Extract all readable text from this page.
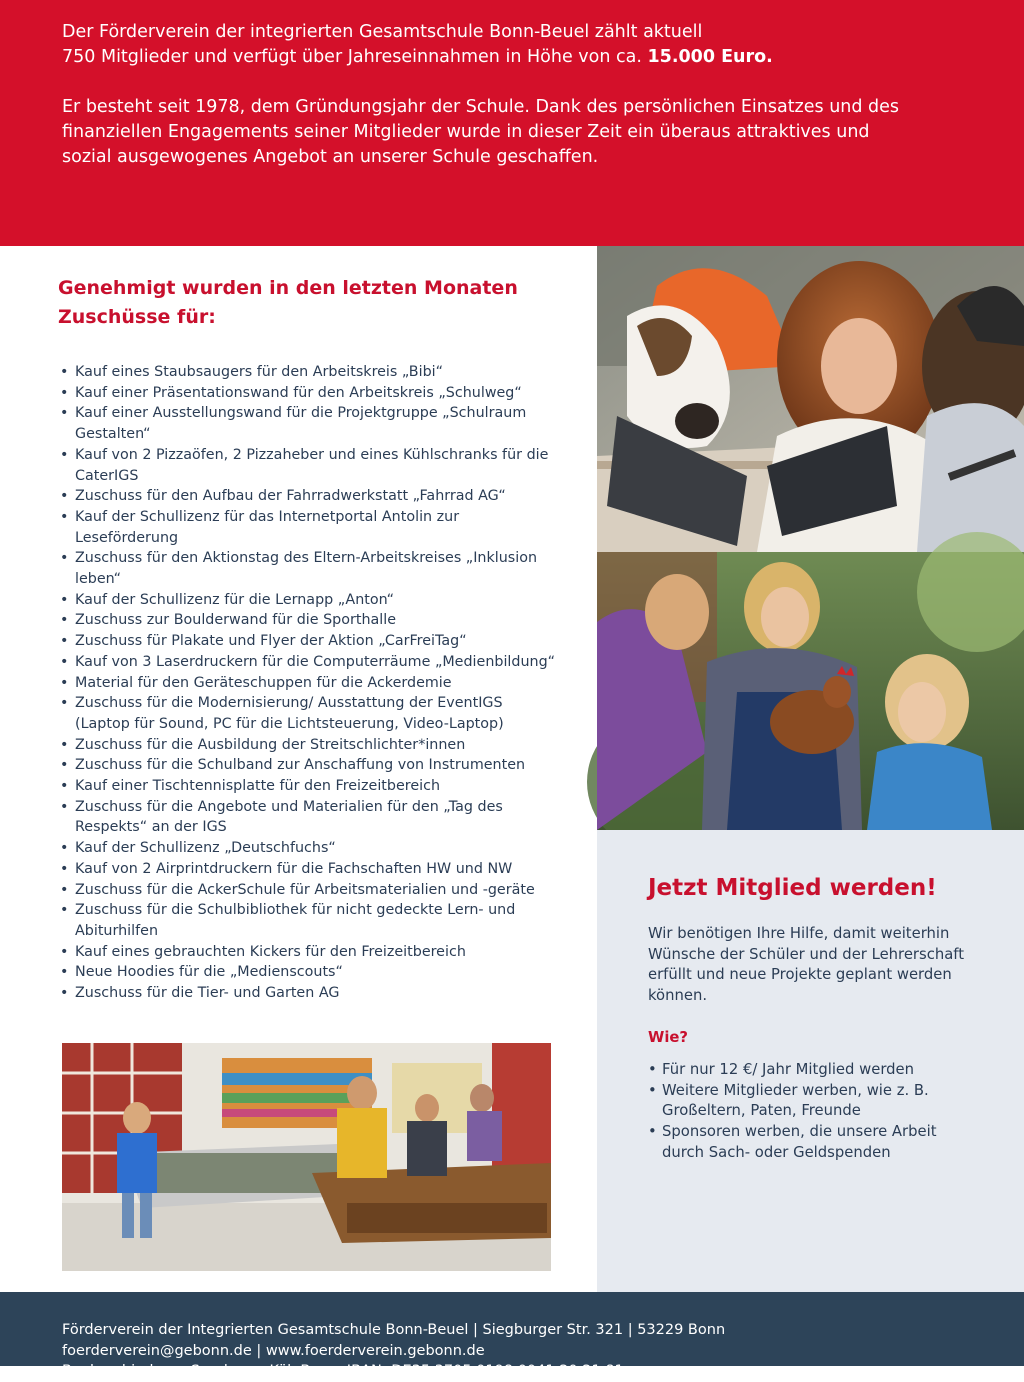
Der Förderverein der integrierten Gesamtschule Bonn-Beuel zählt aktuell
750 Mitglieder und verfügt über Jahreseinnahmen in Höhe von ca. 15.000 Euro.

Er besteht seit 1978, dem Gründungsjahr der Schule. Dank des persönlichen Einsatzes und des finanziellen Engagements seiner Mitglieder wurde in dieser Zeit ein überaus attraktives und sozial ausgewogenes Angebot an unserer Schule geschaffen.

Genehmigt wurden in den letzten Monaten Zuschüsse für:
• Kauf eines Staubsaugers für den Arbeitskreis „Bibi“
• Kauf einer Präsentationswand für den Arbeitskreis „Schulweg“
• Kauf einer Ausstellungswand für die Projektgruppe „Schulraum Gestalten“
• Kauf von 2 Pizzaöfen, 2 Pizzaheber und eines Kühlschranks für die CaterIGS
• Zuschuss für den Aufbau der Fahrradwerkstatt „Fahrrad AG“
• Kauf der Schullizenz für das Internetportal Antolin zur Leseförderung
• Zuschuss für den Aktionstag des Eltern-Arbeitskreises „Inklusion leben“
• Kauf der Schullizenz für die Lernapp „Anton“
• Zuschuss zur Boulderwand für die Sporthalle
• Zuschuss für Plakate und Flyer der Aktion „CarFreiTag“
• Kauf von 3 Laserdruckern für die Computerräume „Medienbildung“
• Material für den Geräteschuppen für die Ackerdemie
• Zuschuss für die Modernisierung/ Ausstattung der EventIGS (Laptop für Sound, PC für die Lichtsteuerung, Video-Laptop)
• Zuschuss für die Ausbildung der Streitschlichter*innen
• Zuschuss für die Schulband zur Anschaffung von Instrumenten
• Kauf einer Tischtennisplatte für den Freizeitbereich
• Zuschuss für die Angebote und Materialien für den „Tag des Respekts“ an der IGS
• Kauf der Schullizenz „Deutschfuchs“
• Kauf von 2 Airprintdruckern für die Fachschaften HW und NW
• Zuschuss für die AckerSchule für Arbeitsmaterialien und -geräte
• Zuschuss für die Schulbibliothek für nicht gedeckte Lern- und Abiturhilfen
• Kauf eines gebrauchten Kickers für den Freizeitbereich
• Neue Hoodies für die „Medienscouts“
• Zuschuss für die Tier- und Garten AG
Jetzt Mitglied werden!

Wir benötigen Ihre Hilfe, damit weiterhin Wünsche der Schüler und der Lehrerschaft erfüllt und neue Projekte geplant werden können.

Wie?
• Für nur 12 €/ Jahr Mitglied werden
• Weitere Mitglieder werben, wie z. B. Großeltern, Paten, Freunde
• Sponsoren werben, die unsere Arbeit durch Sach- oder Geldspenden
Förderverein der Integrierten Gesamtschule Bonn-Beuel | Siegburger Str. 321 | 53229 Bonn
foerderverein@gebonn.de | www.foerderverein.gebonn.de
Bankverbindung: Sparkasse KölnBonn, IBAN: DE35 3705 0198 0041 20 21 81
